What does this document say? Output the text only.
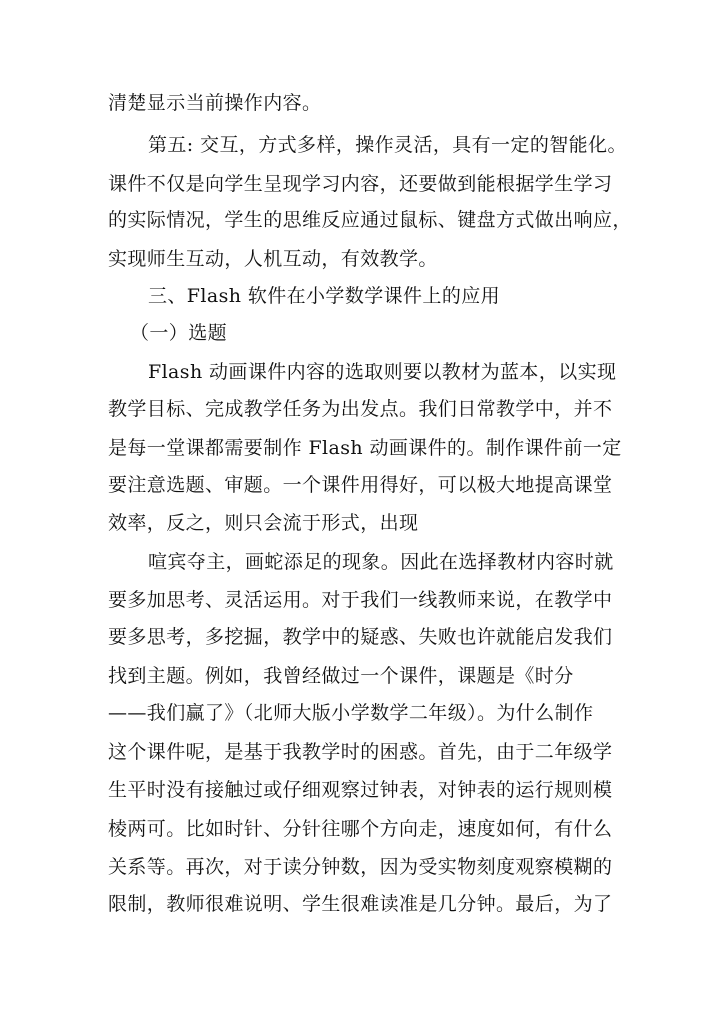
清楚显示当前操作内容。
第五: 交互，方式多样，操作灵活，具有一定的智能化。
课件不仅是向学生呈现学习内容，还要做到能根据学生学习
的实际情况，学生的思维反应通过鼠标、键盘方式做出响应，
实现师生互动，人机互动，有效教学。
三、Flash 软件在小学数学课件上的应用
（一）选题
Flash 动画课件内容的选取则要以教材为蓝本，以实现
教学目标、完成教学任务为出发点。我们日常教学中，并不
是每一堂课都需要制作 Flash 动画课件的。制作课件前一定
要注意选题、审题。一个课件用得好，可以极大地提高课堂
效率，反之，则只会流于形式，出现
喧宾夺主，画蛇添足的现象。因此在选择教材内容时就
要多加思考、灵活运用。对于我们一线教师来说，在教学中
要多思考，多挖掘，教学中的疑惑、失败也许就能启发我们
找到主题。例如，我曾经做过一个课件，课题是《时分
——我们赢了》（北师大版小学数学二年级）。为什么制作
这个课件呢，是基于我教学时的困惑。首先，由于二年级学
生平时没有接触过或仔细观察过钟表，对钟表的运行规则模
棱两可。比如时针、分针往哪个方向走，速度如何，有什么
关系等。再次，对于读分钟数，因为受实物刻度观察模糊的
限制，教师很难说明、学生很难读准是几分钟。最后，为了
